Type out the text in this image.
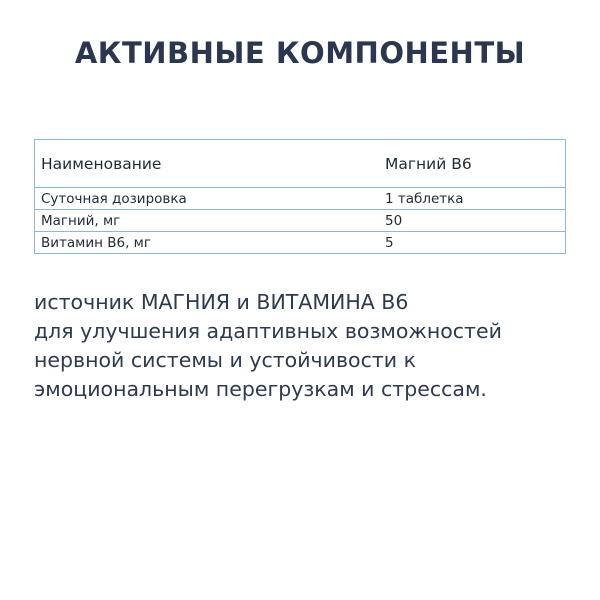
АКТИВНЫЕ КОМПОНЕНТЫ
Наименование	Магний B6
Суточная дозировка	1 таблетка
Магний, мг	50
Витамин B6, мг	5
источник МАГНИЯ и ВИТАМИНА В6
для улучшения адаптивных возможностей
нервной системы и устойчивости к
эмоциональным перегрузкам и стрессам.
